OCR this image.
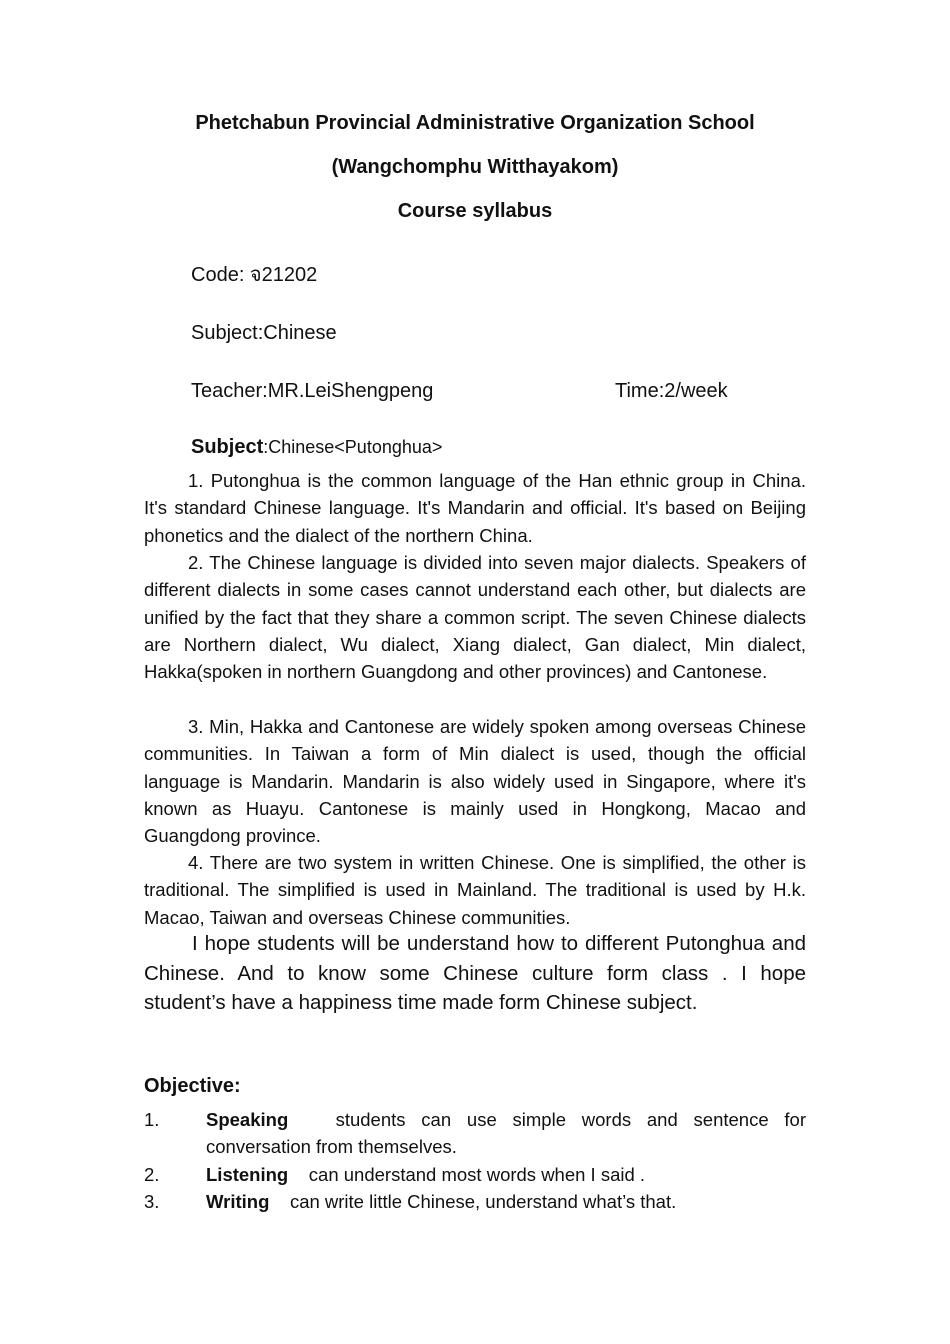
Phetchabun Provincial Administrative Organization School
(Wangchomphu Witthayakom)
Course syllabus
Code: จ21202
Subject:Chinese
Teacher:MR.LeiShengpeng	Time:2/week
Subject:Chinese<Putonghua>
1. Putonghua is the common language of the Han ethnic group in China. It's standard Chinese language. It's Mandarin and official. It's based on Beijing phonetics and the dialect of the northern China.
2. The Chinese language is divided into seven major dialects. Speakers of different dialects in some cases cannot understand each other, but dialects are unified by the fact that they share a common script. The seven Chinese dialects are Northern dialect, Wu dialect, Xiang dialect, Gan dialect, Min dialect, Hakka(spoken in northern Guangdong and other provinces) and Cantonese.
3. Min, Hakka and Cantonese are widely spoken among overseas Chinese communities. In Taiwan a form of Min dialect is used, though the official language is Mandarin. Mandarin is also widely used in Singapore, where it's known as Huayu. Cantonese is mainly used in Hongkong, Macao and Guangdong province.
4. There are two system in written Chinese. One is simplified, the other is traditional. The simplified is used in Mainland. The traditional is used by H.k. Macao, Taiwan and overseas Chinese communities.
I hope students will be understand how to different Putonghua and Chinese. And to know some Chinese culture form class . I hope student’s have a happiness time made form Chinese subject.
Objective:
1.	Speaking	students can use simple words and sentence for conversation from themselves.
2.	Listening can understand most words when I said .
3.	Writing can write little Chinese, understand what’s that.
